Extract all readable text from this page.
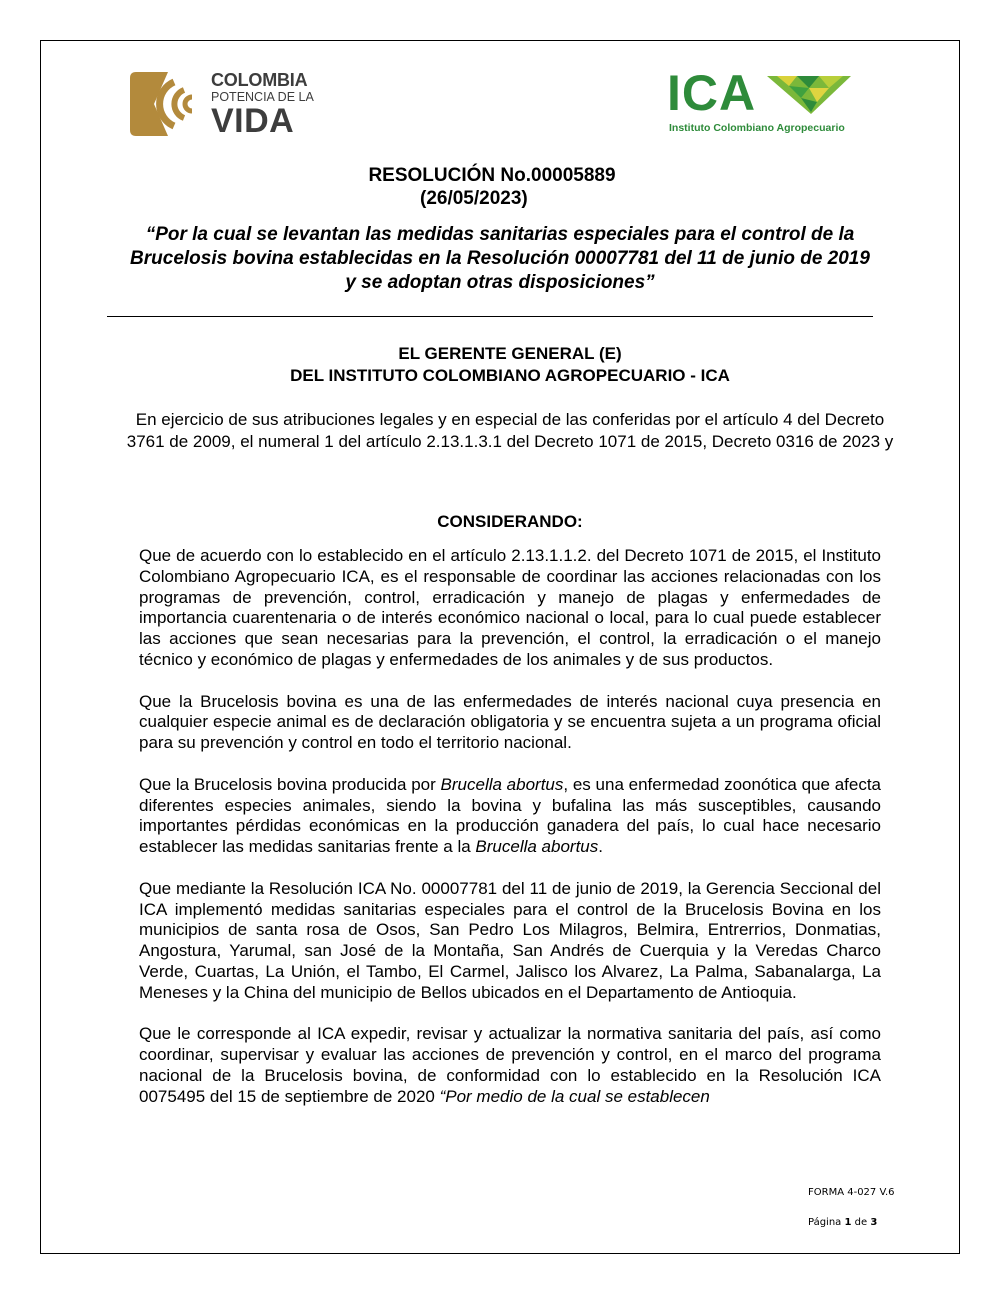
COLOMBIA
POTENCIA DE LA
VIDA	ICA
Instituto Colombiano Agropecuario
RESOLUCIÓN No.00005889
(26/05/2023)
“Por la cual se levantan las medidas sanitarias especiales para el control de la Brucelosis bovina establecidas en la Resolución 00007781 del 11 de junio de 2019 y se adoptan otras disposiciones”
EL GERENTE GENERAL (E)
DEL INSTITUTO COLOMBIANO AGROPECUARIO - ICA
En ejercicio de sus atribuciones legales y en especial de las conferidas por el artículo 4 del Decreto 3761 de 2009, el numeral 1 del artículo 2.13.1.3.1 del Decreto 1071 de 2015, Decreto 0316 de 2023 y
CONSIDERANDO:

Que de acuerdo con lo establecido en el artículo 2.13.1.1.2. del Decreto 1071 de 2015, el Instituto Colombiano Agropecuario ICA, es el responsable de coordinar las acciones relacionadas con los programas de prevención, control, erradicación y manejo de plagas y enfermedades de importancia cuarentenaria o de interés económico nacional o local, para lo cual puede establecer las acciones que sean necesarias para la prevención, el control, la erradicación o el manejo técnico y económico de plagas y enfermedades de los animales y de sus productos.

Que la Brucelosis bovina es una de las enfermedades de interés nacional cuya presencia en cualquier especie animal es de declaración obligatoria y se encuentra sujeta a un programa oficial para su prevención y control en todo el territorio nacional.

Que la Brucelosis bovina producida por Brucella abortus, es una enfermedad zoonótica que afecta diferentes especies animales, siendo la bovina y bufalina las más susceptibles, causando importantes pérdidas económicas en la producción ganadera del país, lo cual hace necesario establecer las medidas sanitarias frente a la Brucella abortus.

Que mediante la Resolución ICA No. 00007781 del 11 de junio de 2019, la Gerencia Seccional del ICA implementó medidas sanitarias especiales para el control de la Brucelosis Bovina en los municipios de santa rosa de Osos, San Pedro Los Milagros, Belmira, Entrerrios, Donmatias, Angostura, Yarumal, san José de la Montaña, San Andrés de Cuerquia y la Veredas Charco Verde, Cuartas, La Unión, el Tambo, El Carmel, Jalisco los Alvarez, La Palma, Sabanalarga, La Meneses y la China del municipio de Bellos ubicados en el Departamento de Antioquia.

Que le corresponde al ICA expedir, revisar y actualizar la normativa sanitaria del país, así como coordinar, supervisar y evaluar las acciones de prevención y control, en el marco del programa nacional de la Brucelosis bovina, de conformidad con lo establecido en la Resolución ICA 0075495 del 15 de septiembre de 2020 “Por medio de la cual se establecen

FORMA 4-027 V.6
Página 1 de 3
